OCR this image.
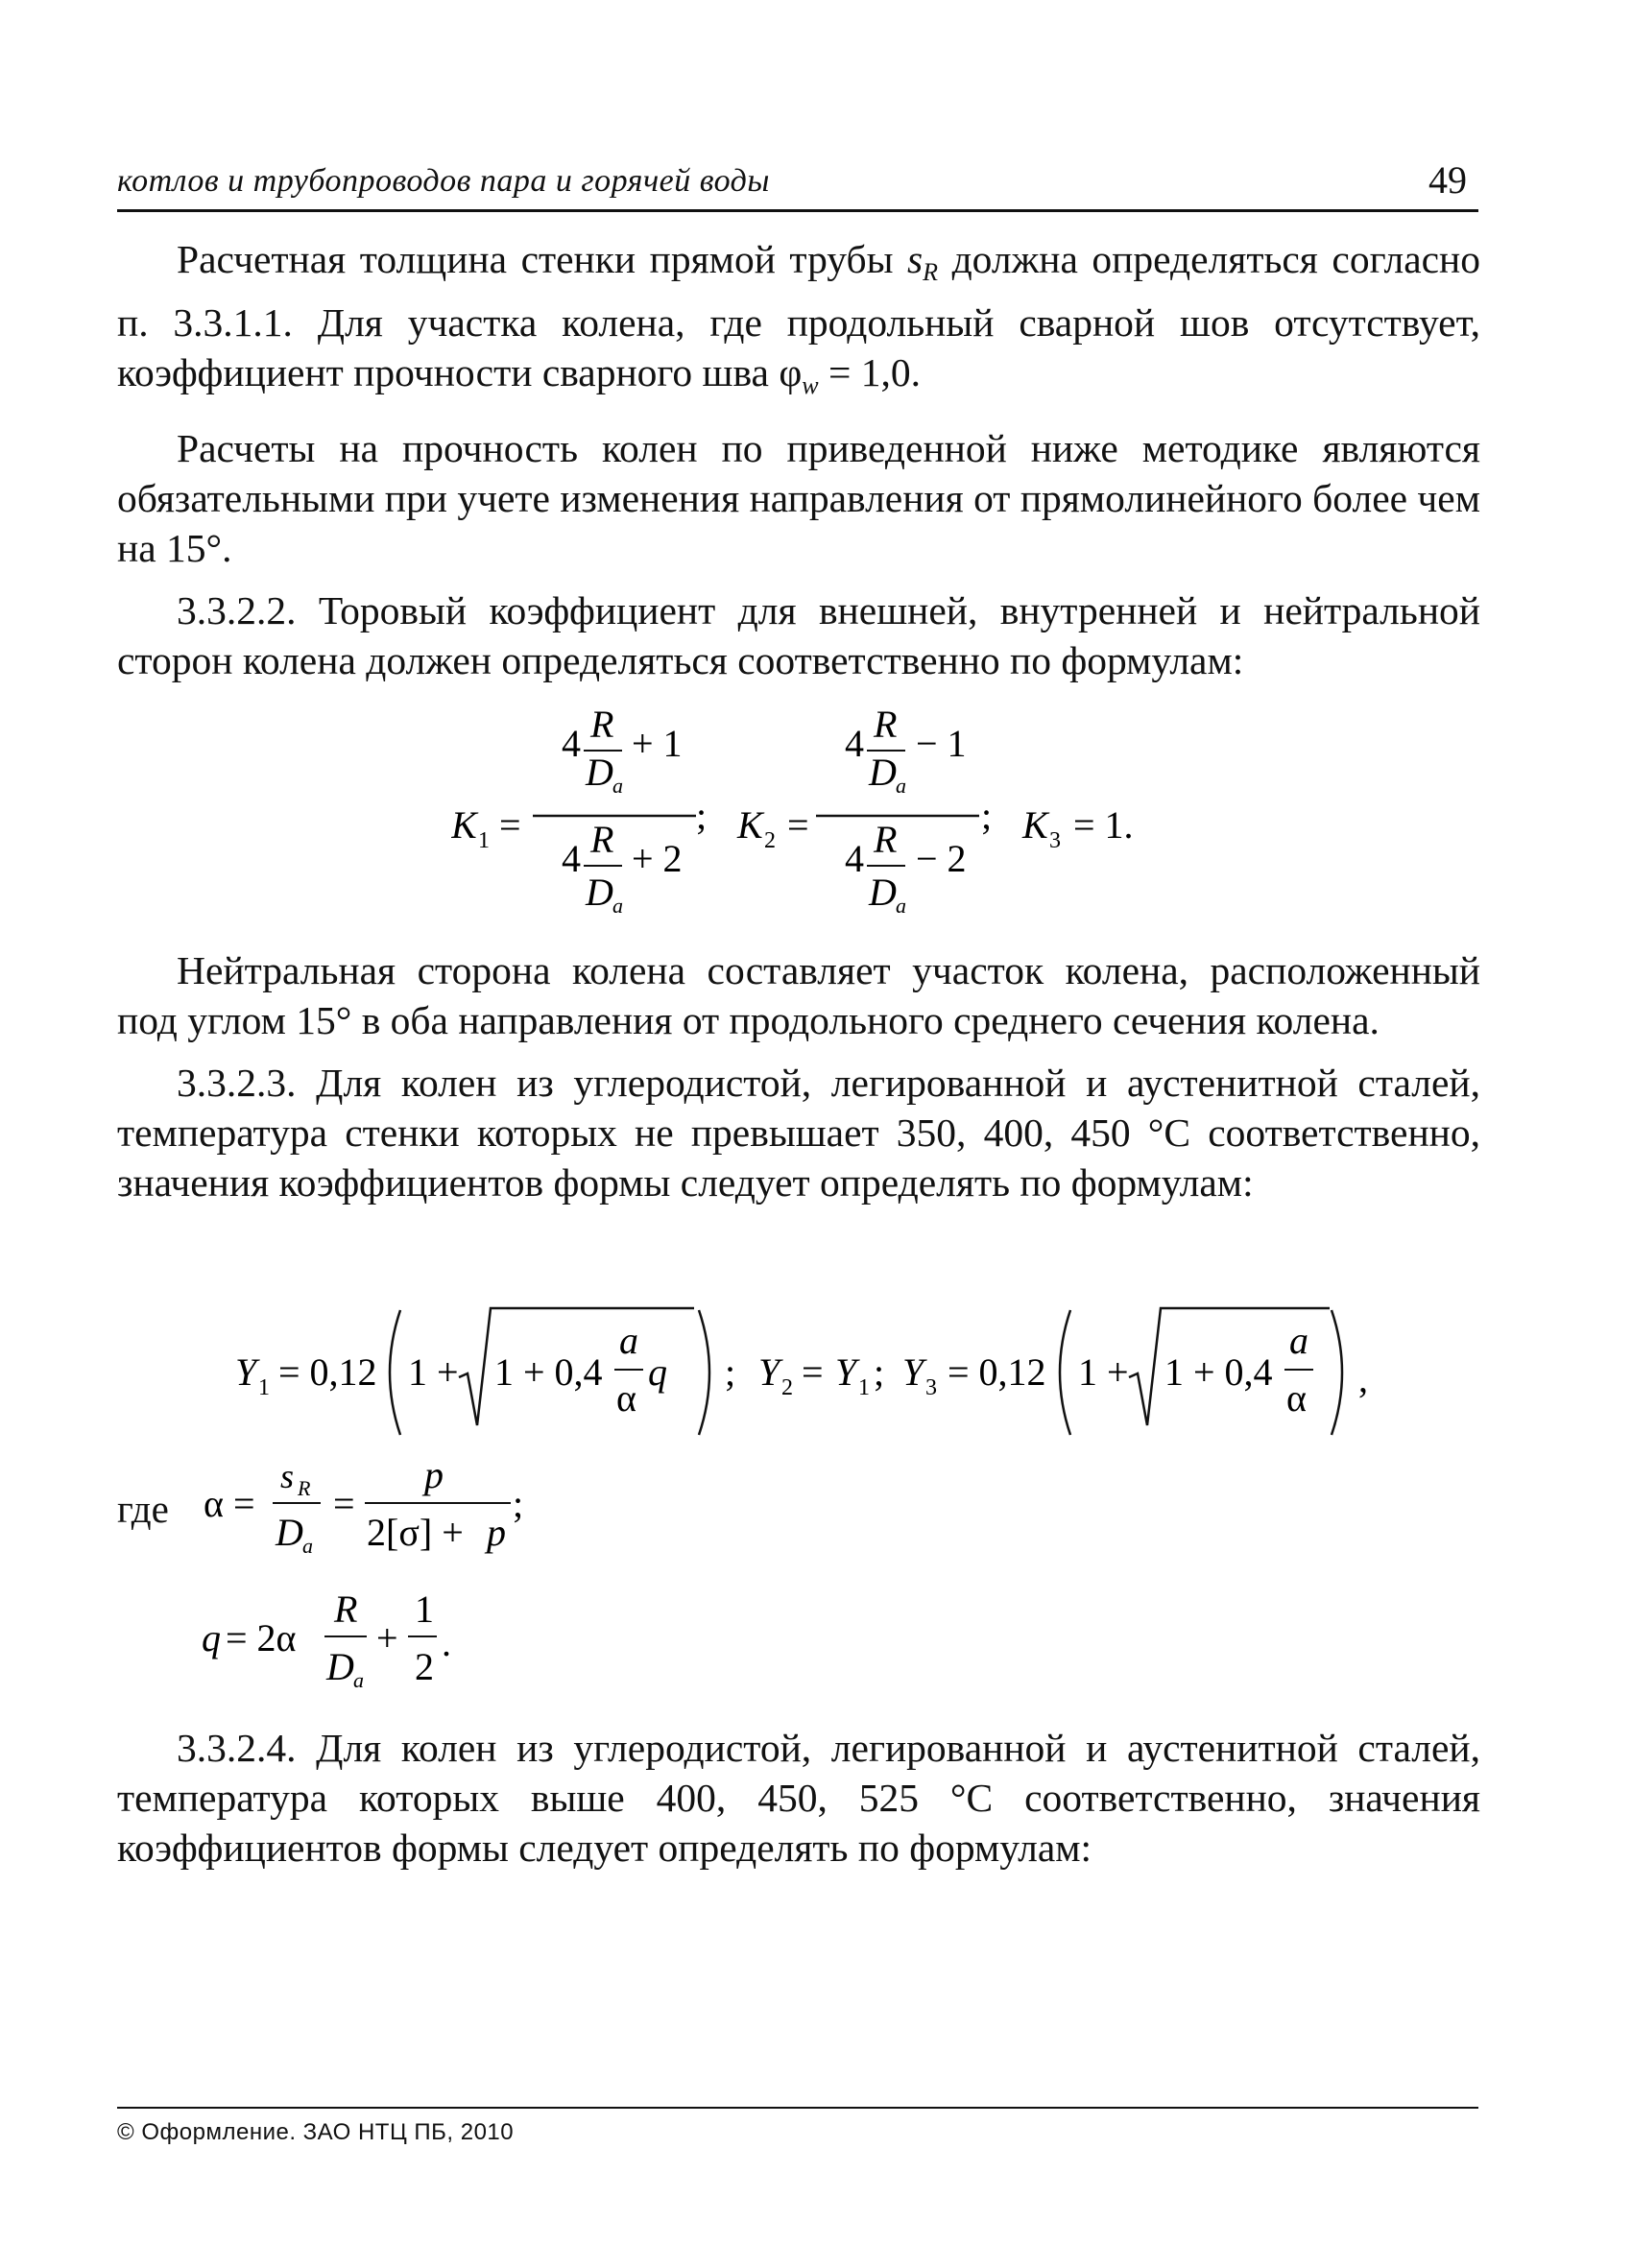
котлов и трубопроводов пара и горячей воды	49

Расчетная толщина стенки прямой трубы $s_R$ должна определяться согласно п. 3.3.1.1. Для участка колена, где продольный сварной шов отсутствует, коэффициент прочности сварного шва $\varphi_w = 1,0$.

Расчеты на прочность колен по приведенной ниже методике являются обязательными при учете изменения направления от прямолинейного более чем на 15°.

3.3.2.2. Торовый коэффициент для внешней, внутренней и нейтральной сторон колена должен определяться соответственно по формулам:

K 1 =
4 R
D a
+ 1
;
4 R
D a
+ 2
K 2 =
4 R
D a
− 1
;
4 R
D a
− 2
K 3 = 1.

Нейтральная сторона колена составляет участок колена, расположенный под углом 15° в оба направления от продольного среднего сечения колена.

3.3.2.3. Для колен из углеродистой, легированной и аустенитной сталей, температура стенки которых не превышает 350, 400, 450 °С соответственно, значения коэффициентов формы следует определять по формулам:

Y 1 = 0,12 1 + 1 + 0,4
a
α
q ; Y 2 = Y 1 ; Y 3 = 0,12 1 + 1 + 0,4
a
α ,
где α =
s R
D a
=
p
2[σ] + p
;
q = 2α
R
D a
+
1
2
.

3.3.2.4. Для колен из углеродистой, легированной и аустенитной сталей, температура которых выше 400, 450, 525 °С соответственно, значения коэффициентов формы следует определять по формулам:

© Оформление. ЗАО НТЦ ПБ, 2010
